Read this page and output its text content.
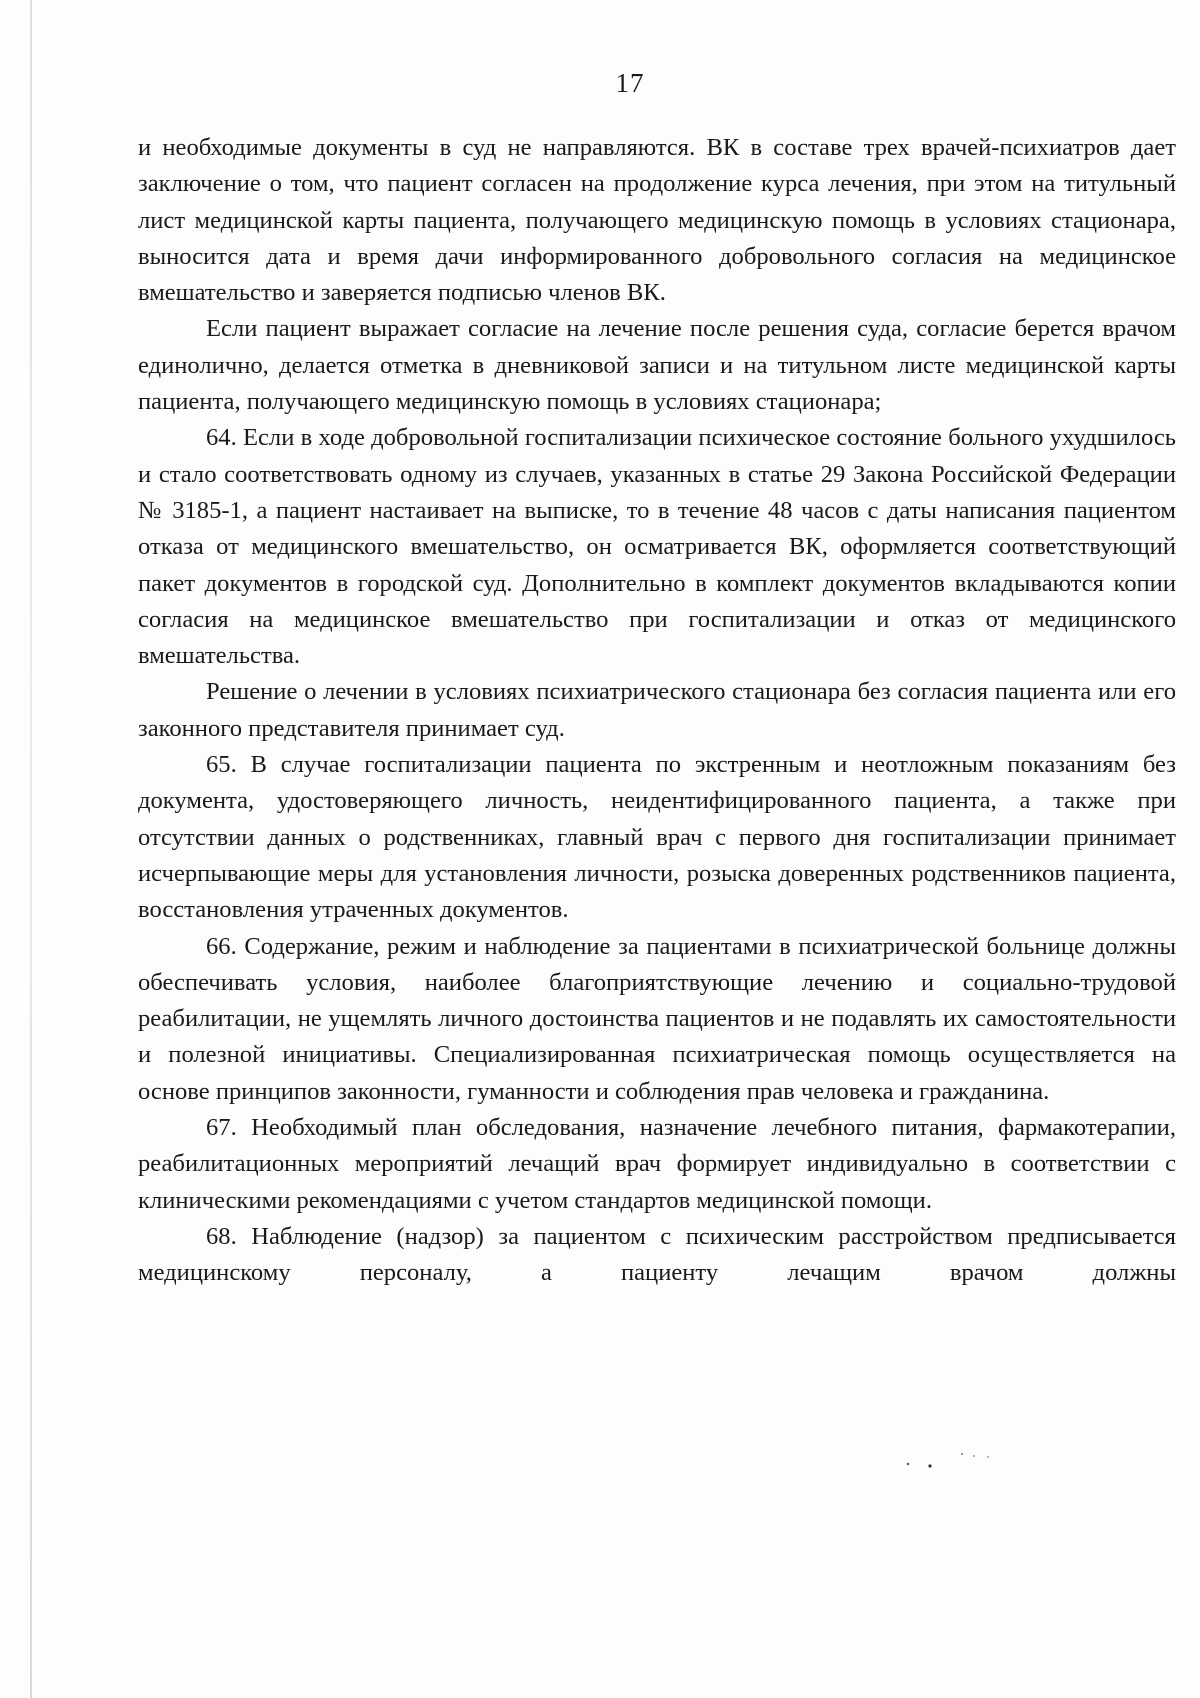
17

и необходимые документы в суд не направляются. ВК в составе трех врачей-психиатров дает заключение о том, что пациент согласен на продолжение курса лечения, при этом на титульный лист медицинской карты пациента, получающего медицинскую помощь в условиях стационара, выносится дата и время дачи информированного добровольного согласия на медицинское вмешательство и заверяется подписью членов ВК.

Если пациент выражает согласие на лечение после решения суда, согласие берется врачом единолично, делается отметка в дневниковой записи и на титульном листе медицинской карты пациента, получающего медицинскую помощь в условиях стационара;

64. Если в ходе добровольной госпитализации психическое состояние больного ухудшилось и стало соответствовать одному из случаев, указанных в статье 29 Закона Российской Федерации № 3185-1, а пациент настаивает на выписке, то в течение 48 часов с даты написания пациентом отказа от медицинского вмешательство, он осматривается ВК, оформляется соответствующий пакет документов в городской суд. Дополнительно в комплект документов вкладываются копии согласия на медицинское вмешательство при госпитализации и отказ от медицинского вмешательства.

Решение о лечении в условиях психиатрического стационара без согласия пациента или его законного представителя принимает суд.

65. В случае госпитализации пациента по экстренным и неотложным показаниям без документа, удостоверяющего личность, неидентифицированного пациента, а также при отсутствии данных о родственниках, главный врач с первого дня госпитализации принимает исчерпывающие меры для установления личности, розыска доверенных родственников пациента, восстановления утраченных документов.

66. Содержание, режим и наблюдение за пациентами в психиатрической больнице должны обеспечивать условия, наиболее благоприятствующие лечению и социально-трудовой реабилитации, не ущемлять личного достоинства пациентов и не подавлять их самостоятельности и полезной инициативы. Специализированная психиатрическая помощь осуществляется на основе принципов законности, гуманности и соблюдения прав человека и гражданина.

67. Необходимый план обследования, назначение лечебного питания, фармакотерапии, реабилитационных мероприятий лечащий врач формирует индивидуально в соответствии с клиническими рекомендациями с учетом стандартов медицинской помощи.

68. Наблюдение (надзор) за пациентом с психическим расстройством предписывается медицинскому персоналу, а пациенту лечащим врачом должны
